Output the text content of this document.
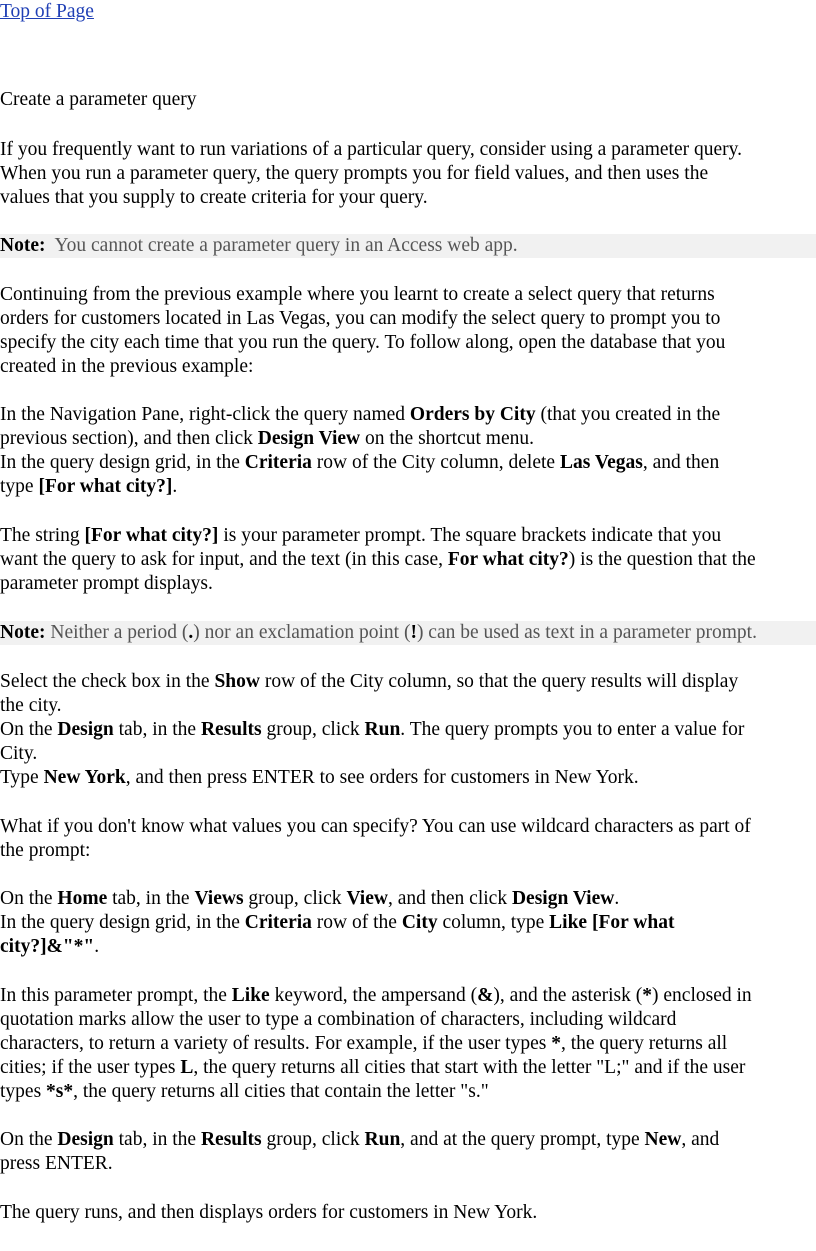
Top of Page
Create a parameter query
If you frequently want to run variations of a particular query, consider using a parameter query.
When you run a parameter query, the query prompts you for field values, and then uses the
values that you supply to create criteria for your query.
Note: You cannot create a parameter query in an Access web app.
Continuing from the previous example where you learnt to create a select query that returns
orders for customers located in Las Vegas, you can modify the select query to prompt you to
specify the city each time that you run the query. To follow along, open the database that you
created in the previous example:
In the Navigation Pane, right-click the query named Orders by City (that you created in the
previous section), and then click Design View on the shortcut menu.
In the query design grid, in the Criteria row of the City column, delete Las Vegas, and then
type [For what city?].
The string [For what city?] is your parameter prompt. The square brackets indicate that you
want the query to ask for input, and the text (in this case, For what city?) is the question that the
parameter prompt displays.
Note: Neither a period (.) nor an exclamation point (!) can be used as text in a parameter prompt.
Select the check box in the Show row of the City column, so that the query results will display
the city.
On the Design tab, in the Results group, click Run. The query prompts you to enter a value for
City.
Type New York, and then press ENTER to see orders for customers in New York.
What if you don't know what values you can specify? You can use wildcard characters as part of
the prompt:
On the Home tab, in the Views group, click View, and then click Design View.
In the query design grid, in the Criteria row of the City column, type Like [For what
city?]&"*".
In this parameter prompt, the Like keyword, the ampersand (&), and the asterisk (*) enclosed in
quotation marks allow the user to type a combination of characters, including wildcard
characters, to return a variety of results. For example, if the user types *, the query returns all
cities; if the user types L, the query returns all cities that start with the letter "L;" and if the user
types *s*, the query returns all cities that contain the letter "s."
On the Design tab, in the Results group, click Run, and at the query prompt, type New, and
press ENTER.
The query runs, and then displays orders for customers in New York.
